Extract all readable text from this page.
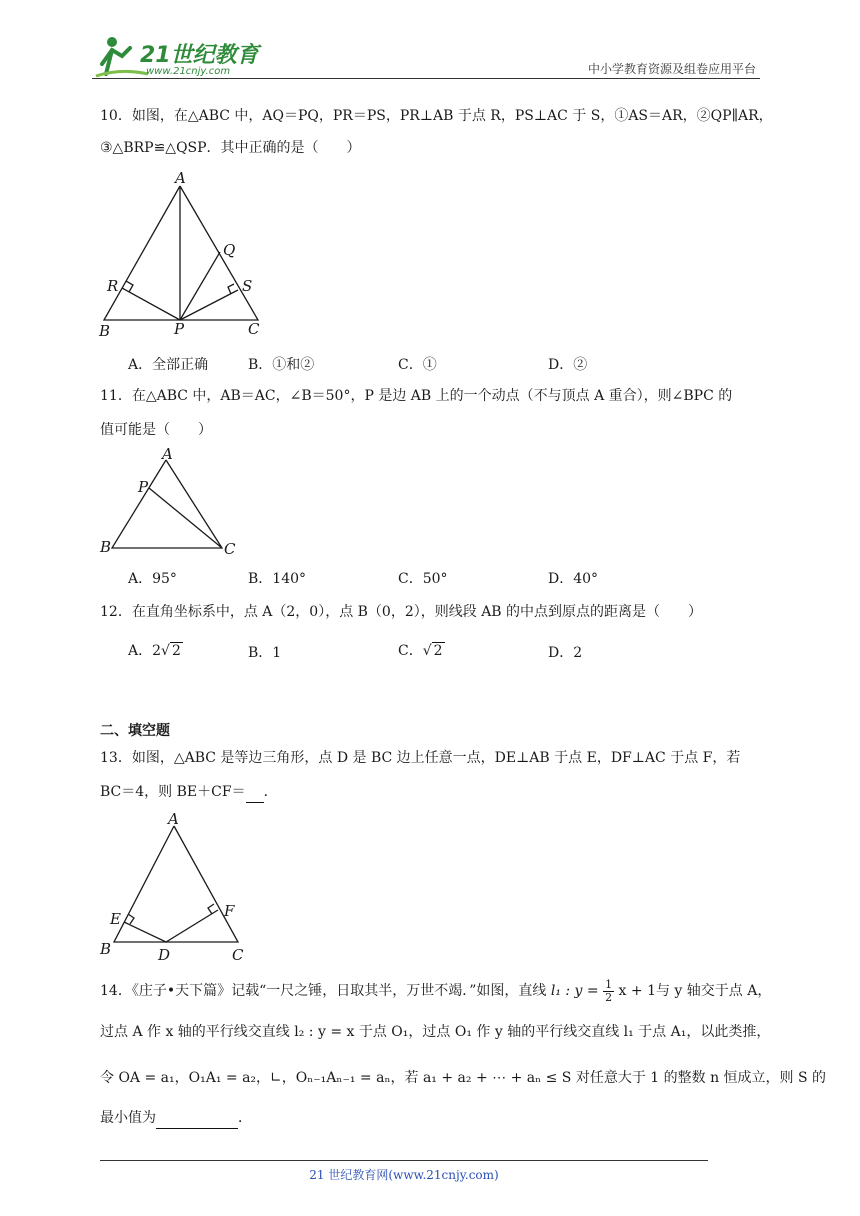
21世纪教育
www.21cnjy.com	中小学教育资源及组卷应用平台
10．如图，在△ABC 中，AQ＝PQ，PR＝PS，PR⊥AB 于点 R，PS⊥AC 于 S，①AS＝AR，②QP∥AR，
③△BRP≌△QSP．其中正确的是（　　）
A
Q
R	S
B	P	C
A．全部正确	B．①和②	C．①	D．②
11．在△ABC 中，AB＝AC，∠B＝50°，P 是边 AB 上的一个动点（不与顶点 A 重合），则∠BPC 的
值可能是（　　）
A
P
B	C
A．95°	B．140°	C．50°	D．40°
12．在直角坐标系中，点 A（2，0），点 B（0，2），则线段 AB 的中点到原点的距离是（　　）
A．2√ 2	B．1	C．√ 2	D．2
二、填空题
13．如图，△ABC 是等边三角形，点 D 是 BC 边上任意一点，DE⊥AB 于点 E，DF⊥AC 于点 F，若
BC＝4，则 BE＋CF＝ ．
A
E	F
B	D	C
14．《庄子•天下篇》记载“一尺之锤，日取其半，万世不竭．”如图，直线 l₁ : $y = \frac{1}{2}$ x + 1与 y 轴交于点 A，
过点 A 作 x 轴的平行线交直线 l₂ : y = x 于点 O₁，过点 O₁ 作 y 轴的平行线交直线 l₁ 于点 A₁，以此类推，
令 OA = a₁，O₁A₁ = a₂，∟，Oₙ₋₁Aₙ₋₁ = aₙ，若 a₁ + a₂ + ⋯ + aₙ ≤ S 对任意大于 1 的整数 n 恒成立，则 S 的
最小值为	．
21 世纪教育网(www.21cnjy.com)
